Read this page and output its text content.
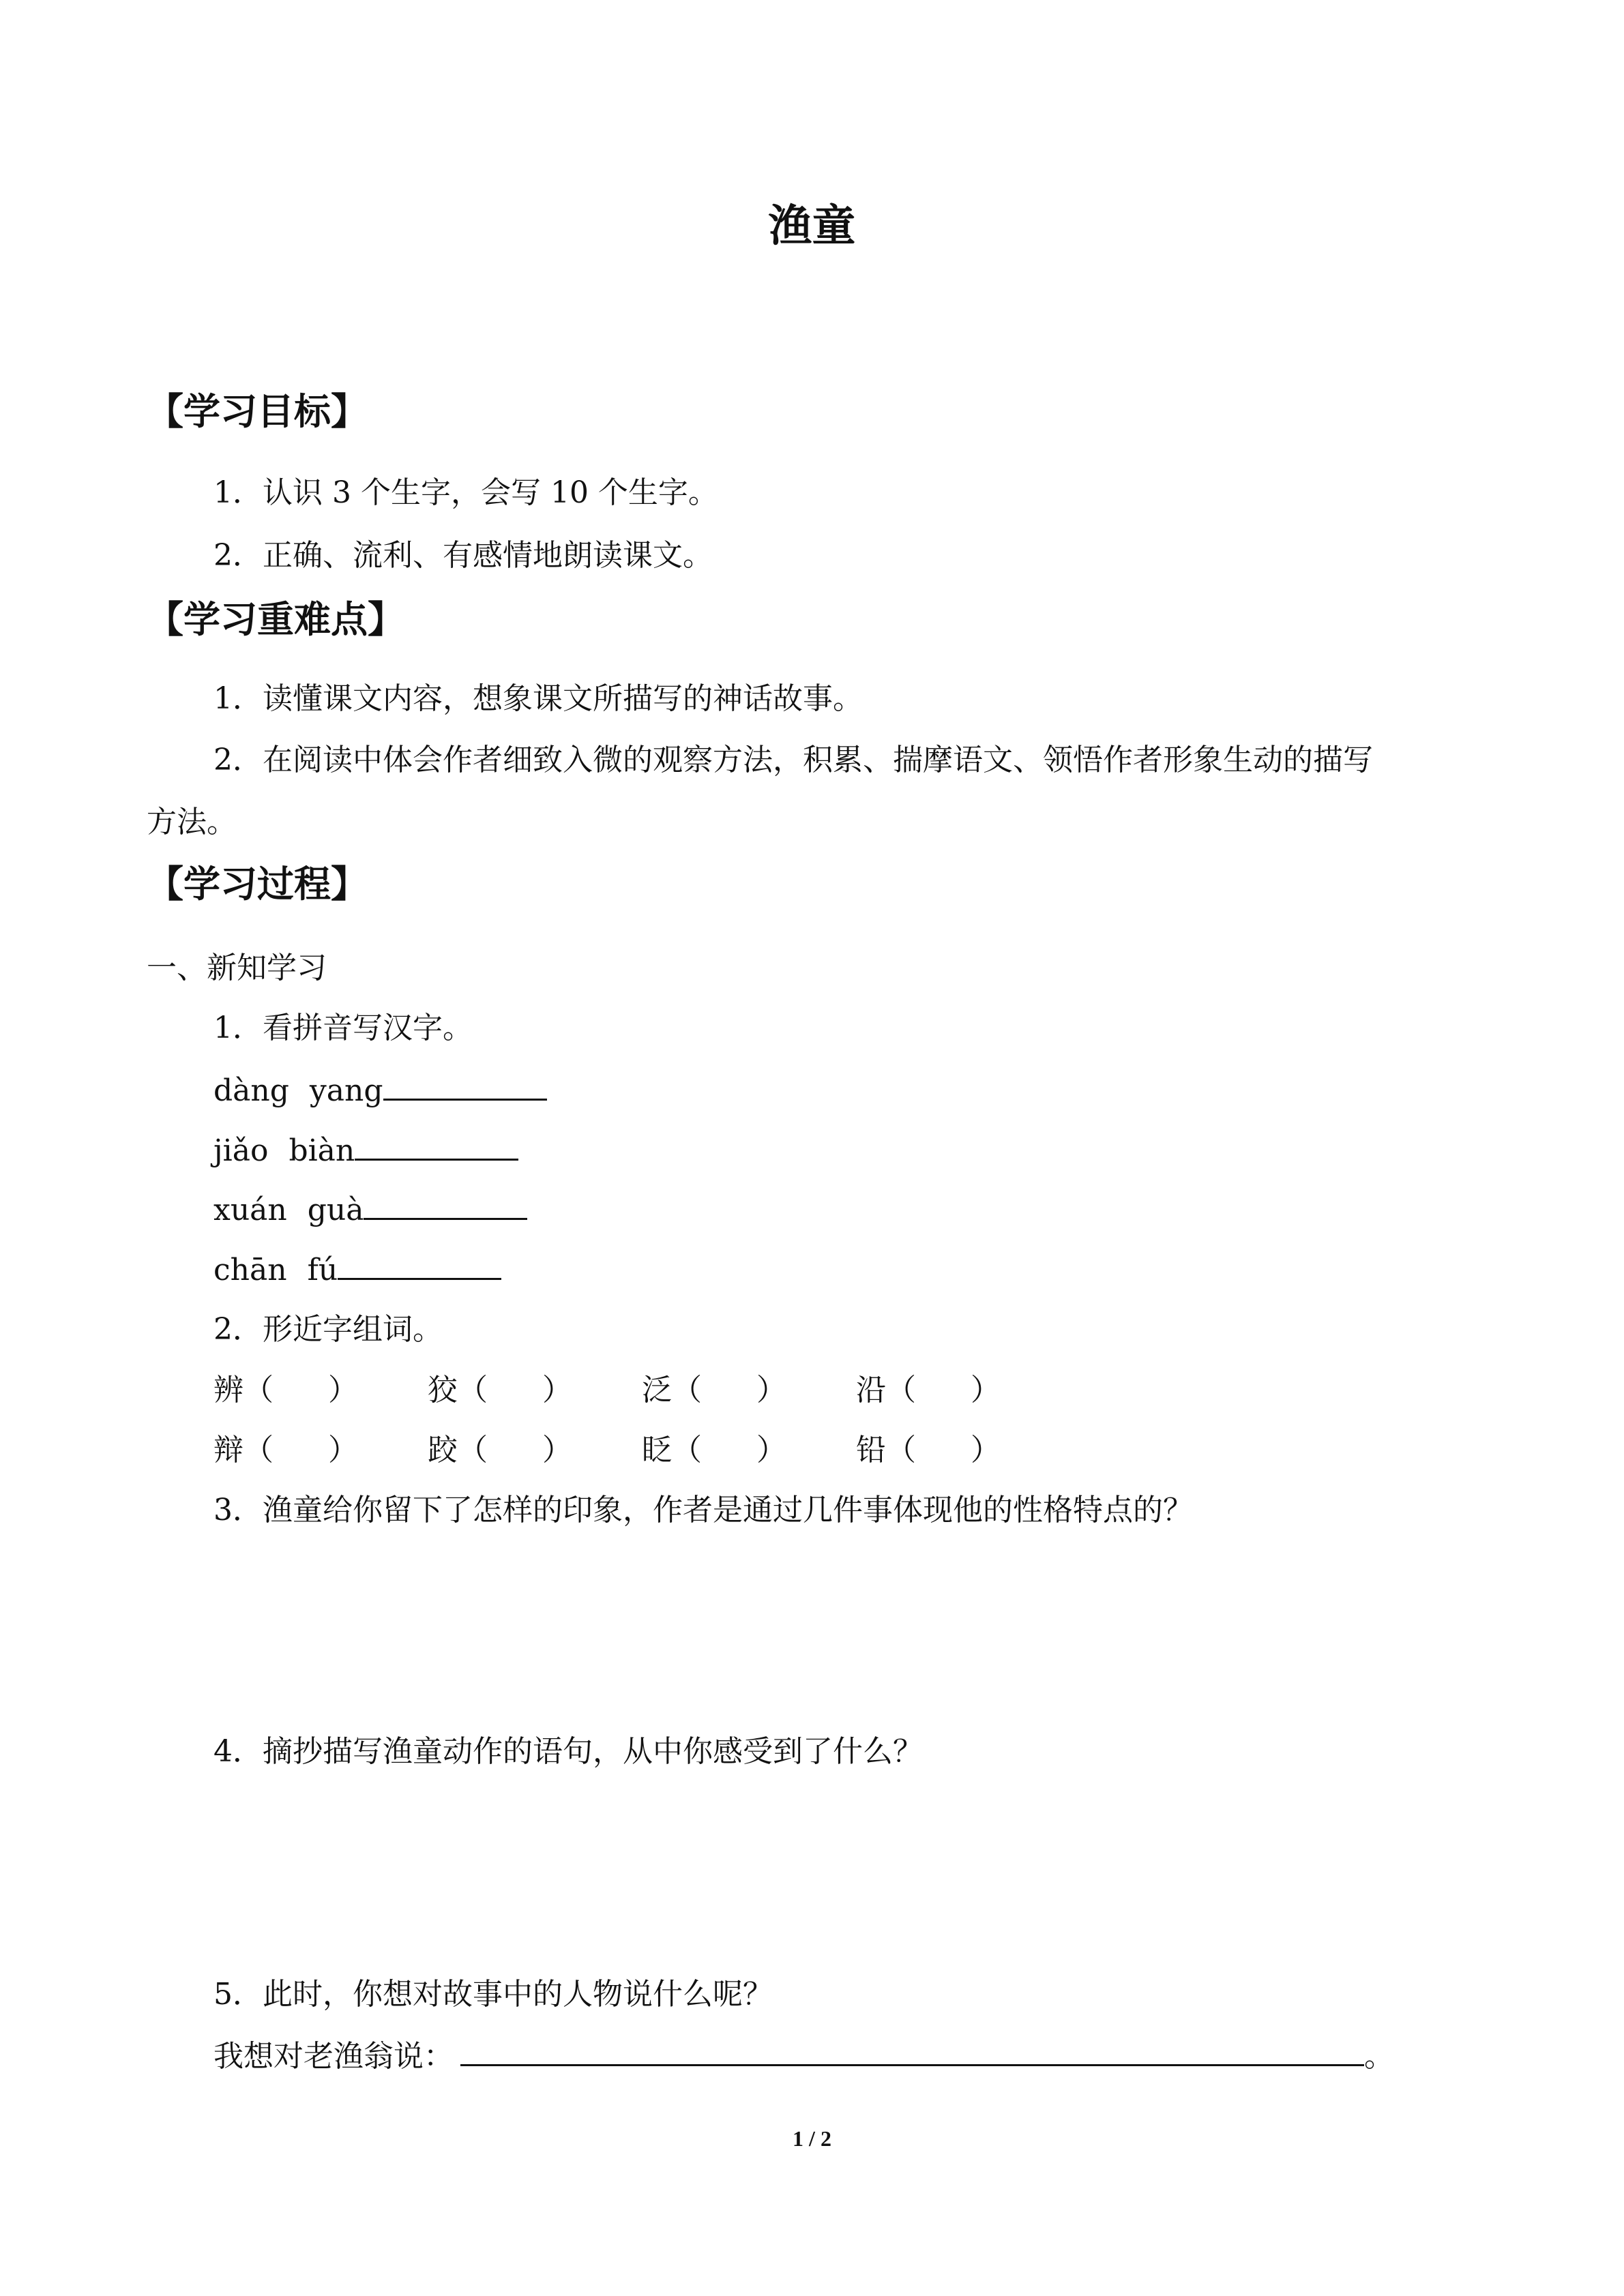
渔童
【学习目标】
1．认识 3 个生字，会写 10 个生字。
2．正确、流利、有感情地朗读课文。
【学习重难点】
1．读懂课文内容，想象课文所描写的神话故事。
2．在阅读中体会作者细致入微的观察方法，积累、揣摩语文、领悟作者形象生动的描写
方法。
【学习过程】
一、新知学习
1．看拼音写汉字。
dàng yang
jiǎo biàn
xuán guà
chān fú
2．形近字组词。
辨（ ） 狡（ ） 泛（ ） 沿（ ）
辩（ ） 跤（ ） 眨（ ） 铅（ ）
3．渔童给你留下了怎样的印象，作者是通过几件事体现他的性格特点的？
4．摘抄描写渔童动作的语句，从中你感受到了什么？
5．此时，你想对故事中的人物说什么呢？
我想对老渔翁说：	。
1 / 2
